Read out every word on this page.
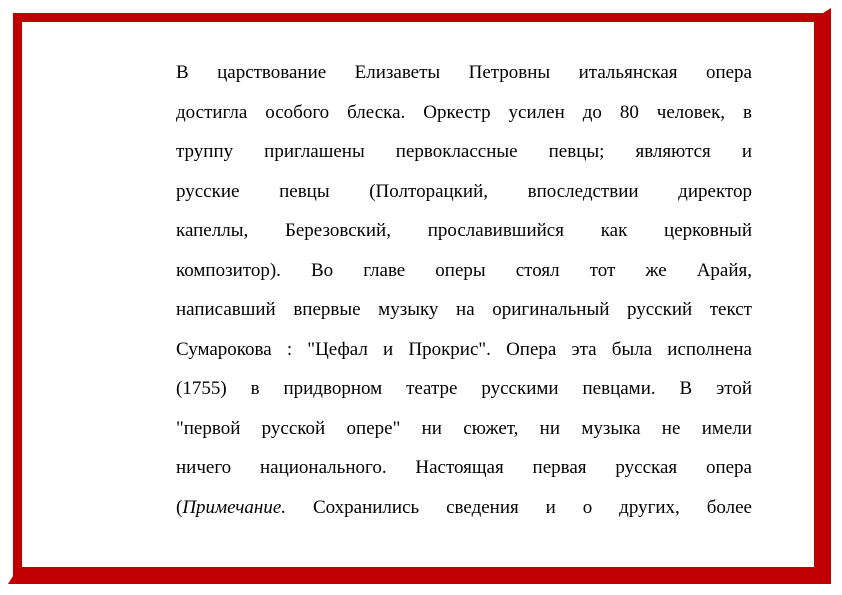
В царствование Елизаветы Петровны итальянская опера
достигла особого блеска. Оркестр усилен до 80 человек, в
труппу приглашены первоклассные певцы; являются и
русские певцы (Полторацкий, впоследствии директор
капеллы, Березовский, прославившийся как церковный
композитор). Во главе оперы стоял тот же Арайя,
написавший впервые музыку на оригинальный русский текст
Сумарокова : "Цефал и Прокрис". Опера эта была исполнена
(1755) в придворном театре русскими певцами. В этой
"первой русской опере" ни сюжет, ни музыка не имели
ничего национального. Настоящая первая русская опера
(Примечание. Сохранились сведения и о других, более
